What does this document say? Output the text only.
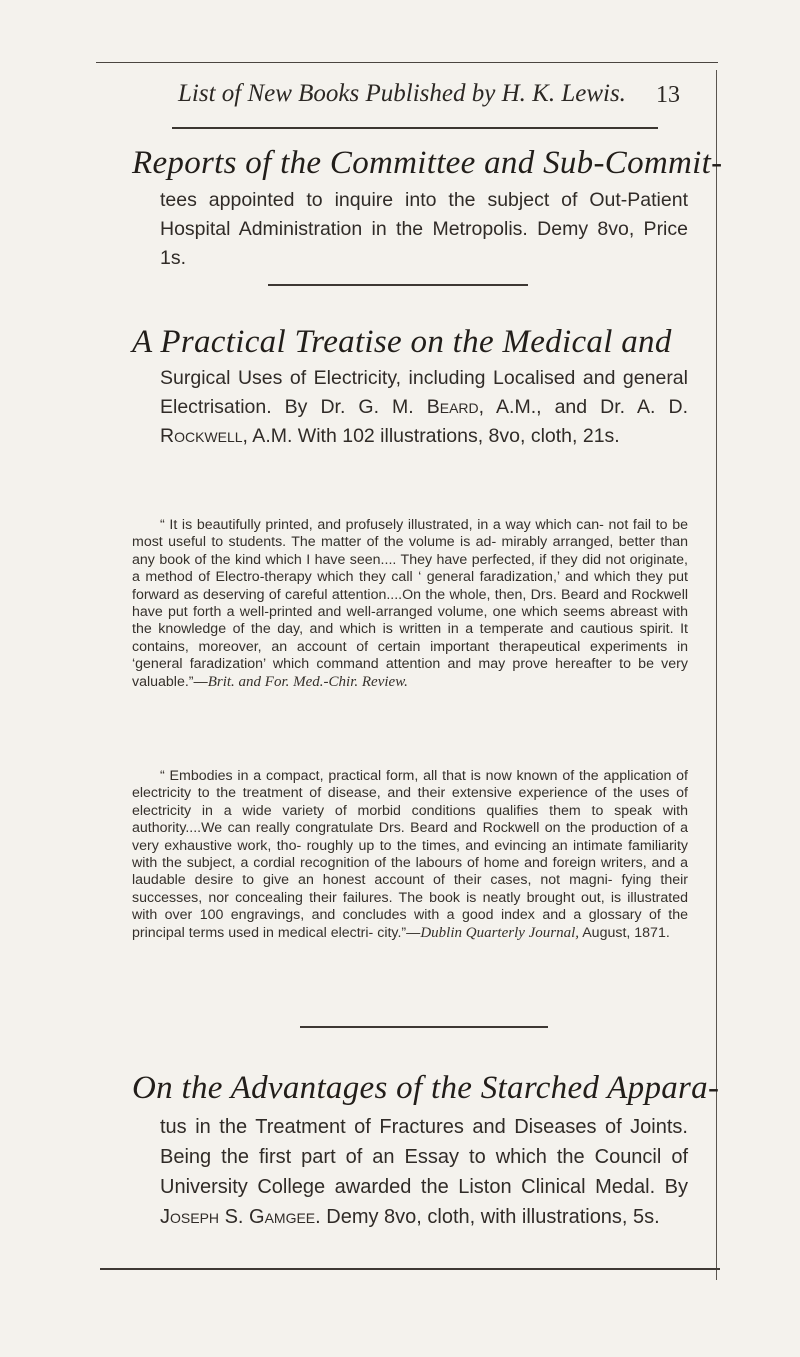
List of New Books Published by H. K. Lewis.	13
Reports of the Committee and Sub-Commit-
tees appointed to inquire into the subject of Out-Patient Hospital Administration in the Metropolis. Demy 8vo, Price 1s.
A Practical Treatise on the Medical and
Surgical Uses of Electricity, including Localised and general Electrisation. By Dr. G. M. Beard, A.M., and Dr. A. D. Rockwell, A.M. With 102 illustrations, 8vo, cloth, 21s.
“ It is beautifully printed, and profusely illustrated, in a way which can- not fail to be most useful to students. The matter of the volume is ad- mirably arranged, better than any book of the kind which I have seen.... They have perfected, if they did not originate, a method of Electro-therapy which they call ‘ general faradization,’ and which they put forward as deserving of careful attention....On the whole, then, Drs. Beard and Rockwell have put forth a well-printed and well-arranged volume, one which seems abreast with the knowledge of the day, and which is written in a temperate and cautious spirit. It contains, moreover, an account of certain important therapeutical experiments in ‘general faradization’ which command attention and may prove hereafter to be very valuable.”—Brit. and For. Med.-Chir. Review.
“ Embodies in a compact, practical form, all that is now known of the application of electricity to the treatment of disease, and their extensive experience of the uses of electricity in a wide variety of morbid conditions qualifies them to speak with authority....We can really congratulate Drs. Beard and Rockwell on the production of a very exhaustive work, tho- roughly up to the times, and evincing an intimate familiarity with the subject, a cordial recognition of the labours of home and foreign writers, and a laudable desire to give an honest account of their cases, not magni- fying their successes, nor concealing their failures. The book is neatly brought out, is illustrated with over 100 engravings, and concludes with a good index and a glossary of the principal terms used in medical electri- city.”—Dublin Quarterly Journal, August, 1871.
On the Advantages of the Starched Appara-
tus in the Treatment of Fractures and Diseases of Joints. Being the first part of an Essay to which the Council of University College awarded the Liston Clinical Medal. By Joseph S. Gamgee. Demy 8vo, cloth, with illustrations, 5s.
